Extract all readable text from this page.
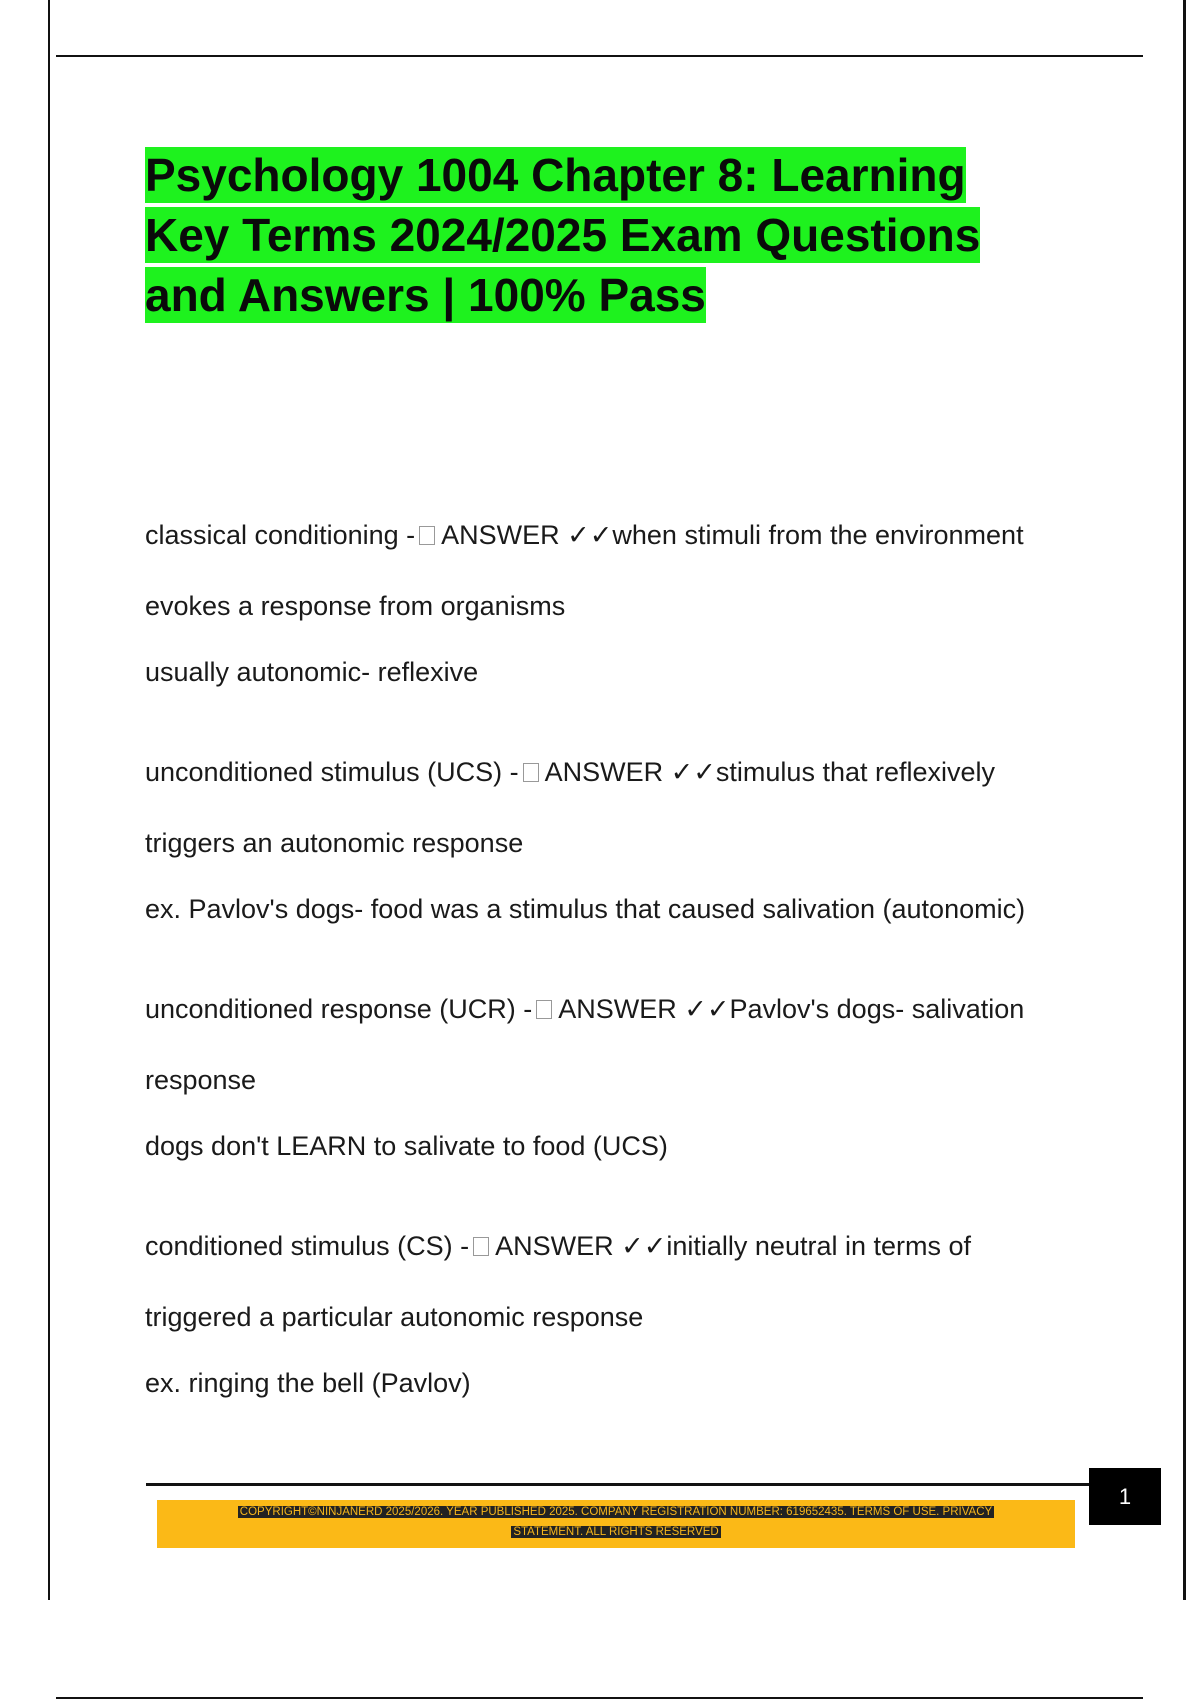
Psychology 1004 Chapter 8: Learning
Key Terms 2024/2025 Exam Questions
and Answers | 100% Pass

classical conditioning - ANSWER ✓✓when stimuli from the environment evokes a response from organisms

usually autonomic- reflexive

unconditioned stimulus (UCS) - ANSWER ✓✓stimulus that reflexively triggers an autonomic response

ex. Pavlov's dogs- food was a stimulus that caused salivation (autonomic)

unconditioned response (UCR) - ANSWER ✓✓Pavlov's dogs- salivation response

dogs don't LEARN to salivate to food (UCS)

conditioned stimulus (CS) - ANSWER ✓✓initially neutral in terms of triggered a particular autonomic response

ex. ringing the bell (Pavlov)

1
COPYRIGHT©NINJANERD 2025/2026. YEAR PUBLISHED 2025. COMPANY REGISTRATION NUMBER: 619652435. TERMS OF USE. PRIVACY
STATEMENT. ALL RIGHTS RESERVED
